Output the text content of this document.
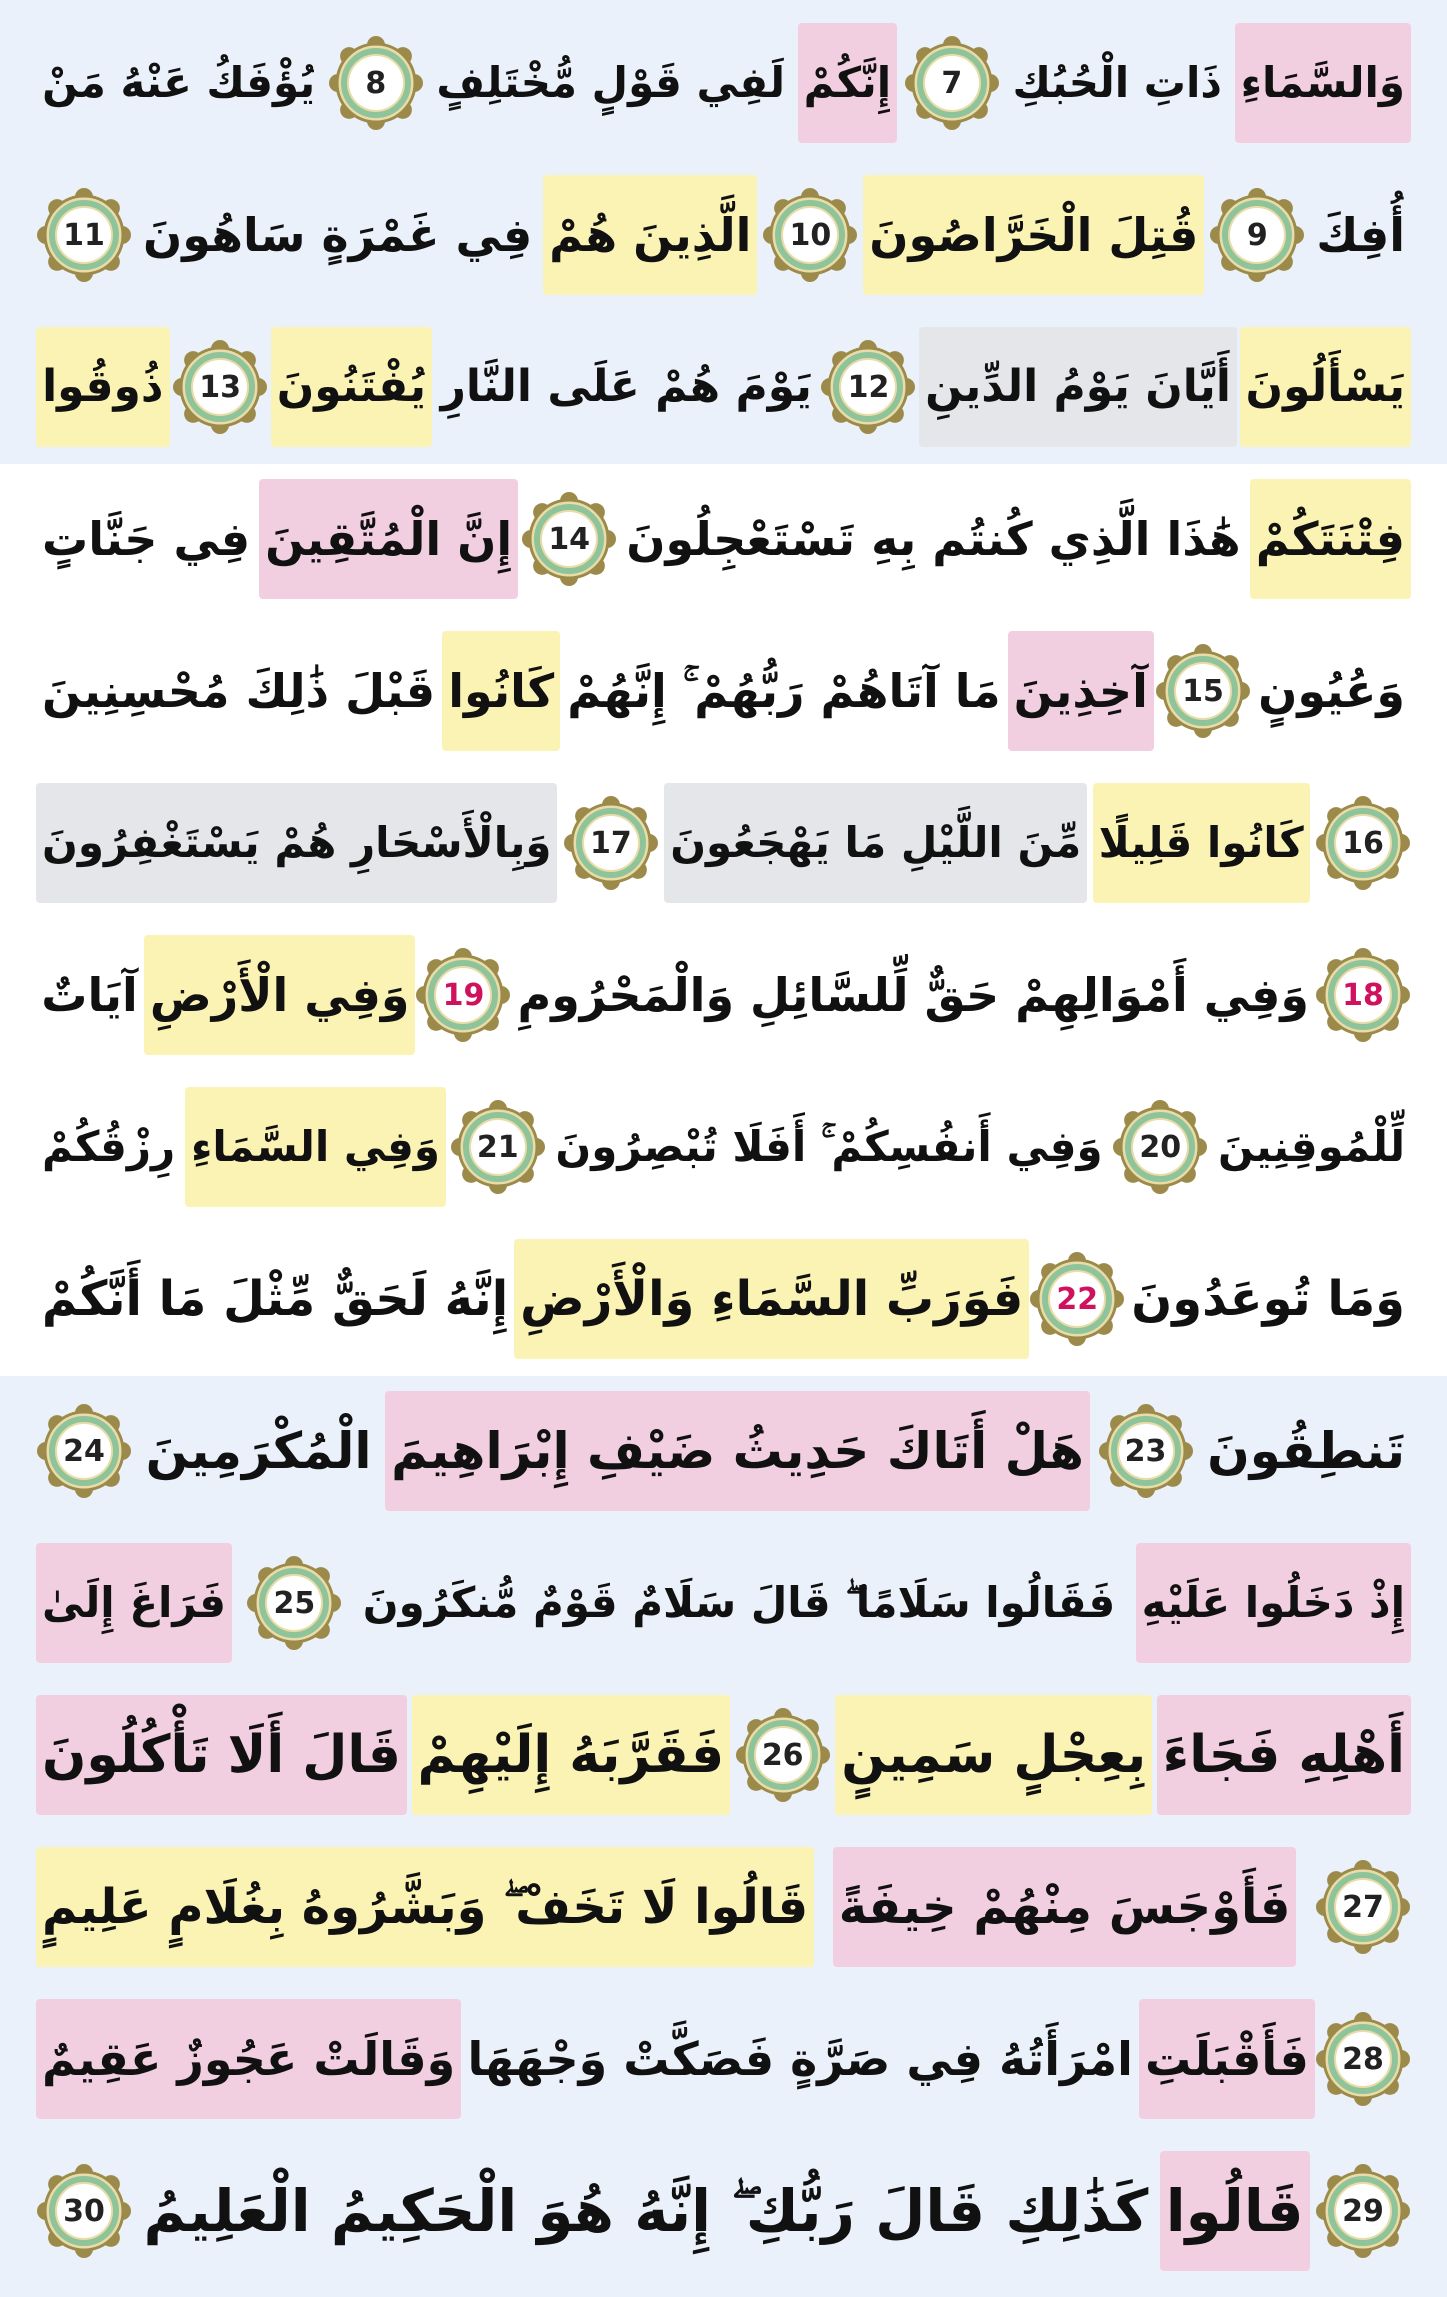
وَالسَّمَاءِ
ذَاتِ الْحُبُكِ
7
إِنَّكُمْ
لَفِي قَوْلٍ مُّخْتَلِفٍ
8
يُؤْفَكُ عَنْهُ مَنْ
أُفِكَ
9
قُتِلَ الْخَرَّاصُونَ
10
الَّذِينَ هُمْ
فِي غَمْرَةٍ سَاهُونَ
11
يَسْأَلُونَ
أَيَّانَ يَوْمُ الدِّينِ
12
يَوْمَ هُمْ عَلَى النَّارِ
يُفْتَنُونَ
13
ذُوقُوا
فِتْنَتَكُمْ
هَٰذَا الَّذِي كُنتُم بِهِ تَسْتَعْجِلُونَ
14
إِنَّ الْمُتَّقِينَ
فِي جَنَّاتٍ
وَعُيُونٍ
15
آخِذِينَ
مَا آتَاهُمْ رَبُّهُمْ ۚ إِنَّهُمْ
كَانُوا
قَبْلَ ذَٰلِكَ مُحْسِنِينَ
16
كَانُوا قَلِيلًا
مِّنَ اللَّيْلِ مَا يَهْجَعُونَ
17
وَبِالْأَسْحَارِ هُمْ يَسْتَغْفِرُونَ
18
وَفِي أَمْوَالِهِمْ حَقٌّ لِّلسَّائِلِ وَالْمَحْرُومِ
19
وَفِي الْأَرْضِ
آيَاتٌ
لِّلْمُوقِنِينَ
20
وَفِي أَنفُسِكُمْ ۚ أَفَلَا تُبْصِرُونَ
21
وَفِي السَّمَاءِ
رِزْقُكُمْ
وَمَا تُوعَدُونَ
22
فَوَرَبِّ السَّمَاءِ وَالْأَرْضِ
إِنَّهُ لَحَقٌّ مِّثْلَ مَا أَنَّكُمْ
تَنطِقُونَ
23
هَلْ أَتَاكَ حَدِيثُ ضَيْفِ إِبْرَاهِيمَ
الْمُكْرَمِينَ
24
إِذْ دَخَلُوا عَلَيْهِ
فَقَالُوا سَلَامًا ۖ قَالَ سَلَامٌ قَوْمٌ مُّنكَرُونَ
25
فَرَاغَ إِلَىٰ
أَهْلِهِ فَجَاءَ
بِعِجْلٍ سَمِينٍ
26
فَقَرَّبَهُ إِلَيْهِمْ
قَالَ أَلَا تَأْكُلُونَ
27
فَأَوْجَسَ مِنْهُمْ خِيفَةً
قَالُوا لَا تَخَفْ ۖ وَبَشَّرُوهُ بِغُلَامٍ عَلِيمٍ
28
فَأَقْبَلَتِ
امْرَأَتُهُ فِي صَرَّةٍ فَصَكَّتْ وَجْهَهَا
وَقَالَتْ عَجُوزٌ عَقِيمٌ
29
قَالُوا
كَذَٰلِكِ قَالَ رَبُّكِ ۖ إِنَّهُ هُوَ الْحَكِيمُ الْعَلِيمُ
30
